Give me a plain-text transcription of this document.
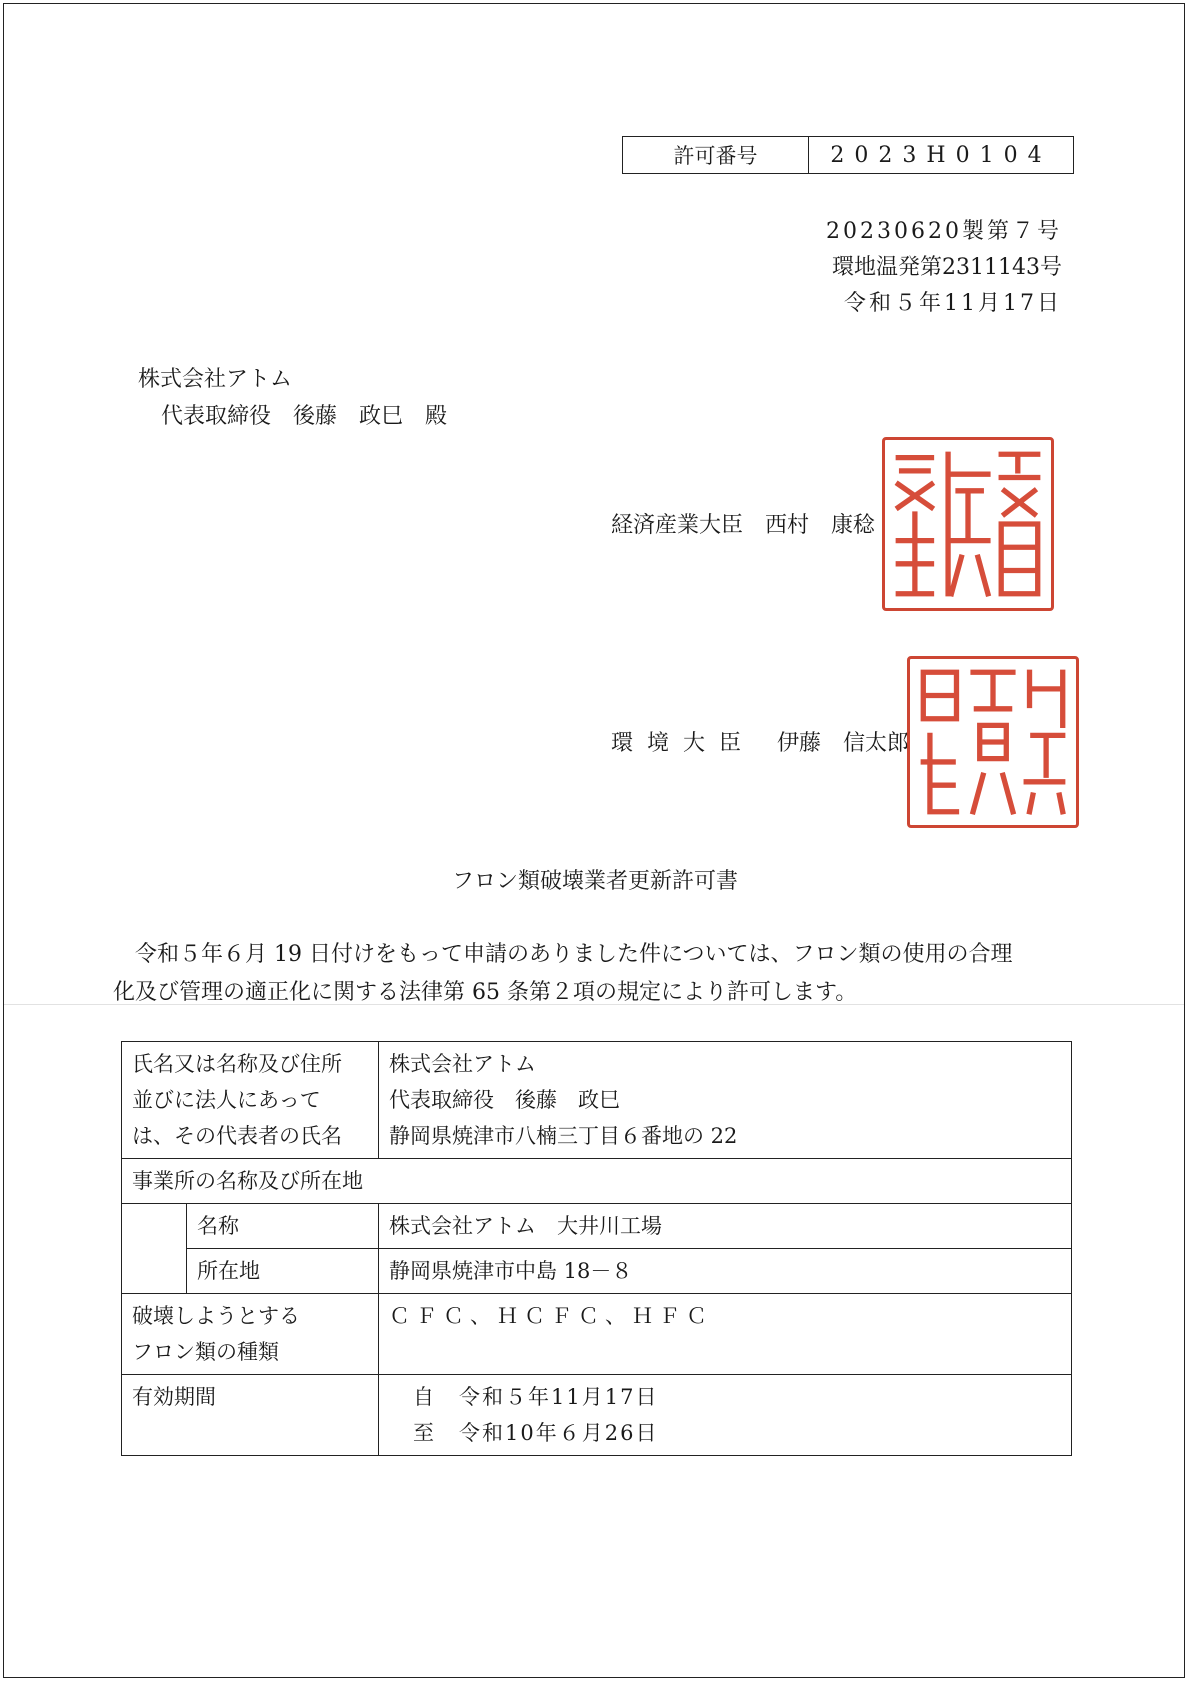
許可番号	2023H0104
20230620製第７号
環地温発第2311143号
令和５年11月17日
株式会社アトム
代表取締役　後藤　政巳　殿
経済産業大臣　 西村　康稔
環境大臣　 伊藤　信太郎
フロン類破壊業者更新許可書
令和５年６月 19 日付けをもって申請のありました件については、フロン類の使用の合理
化及び管理の適正化に関する法律第 65 条第２項の規定により許可します。
氏名又は名称及び住所
並びに法人にあって
は、その代表者の氏名		株式会社アトム
代表取締役　後藤　政巳
静岡県焼津市八楠三丁目６番地の 22

事業所の名称及び所在地		

	名称	株式会社アトム　大井川工場

	所在地	静岡県焼津市中島 18－８

破壊しようとする
フロン類の種類		ＣＦＣ、ＨＣＦＣ、ＨＦＣ

有効期間		自　令和５年11月17日
至　令和10年６月26日
